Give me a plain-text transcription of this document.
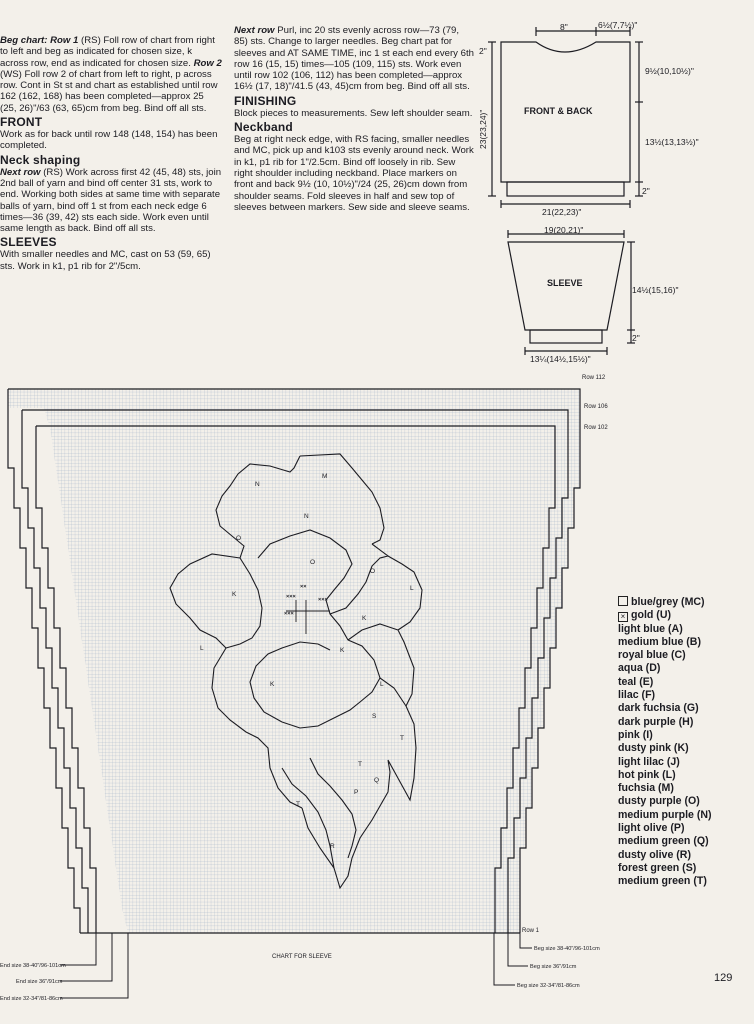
Beg chart: Row 1 (RS) Foll row of chart from right to left and beg as indicated for chosen size, k across row, end as indicated for chosen size. Row 2 (WS) Foll row 2 of chart from left to right, p across row. Cont in St st and chart as established until row 162 (162, 168) has been completed—approx 25 (25, 26)"/63 (63, 65)cm from beg. Bind off all sts.

FRONT

Work as for back until row 148 (148, 154) has been completed.

Neck shaping

Next row (RS) Work across first 42 (45, 48) sts, join 2nd ball of yarn and bind off center 31 sts, work to end. Working both sides at same time with separate balls of yarn, bind off 1 st from each neck edge 6 times—36 (39, 42) sts each side. Work even until same length as back. Bind off all sts.

SLEEVES

With smaller needles and MC, cast on 53 (59, 65) sts. Work in k1, p1 rib for 2"/5cm.

Next row Purl, inc 20 sts evenly across row—73 (79, 85) sts. Change to larger needles. Beg chart pat for sleeves and AT SAME TIME, inc 1 st each end every 6th row 16 (15, 15) times—105 (109, 115) sts. Work even until row 102 (106, 112) has been completed—approx 16½ (17, 18)"/41.5 (43, 45)cm from beg. Bind off all sts.

FINISHING

Block pieces to measurements. Sew left shoulder seam.

Neckband

Beg at right neck edge, with RS facing, smaller needles and MC, pick up and k103 sts evenly around neck. Work in k1, p1 rib for 1"/2.5cm. Bind off loosely in rib. Sew right shoulder including neckband. Place markers on front and back 9½ (10, 10½)"/24 (25, 26)cm down from shoulder seams. Fold sleeves in half and sew top of sleeves between markers. Sew side and sleeve seams.

8"	6½(7,7½)"
2"
23(23,24)"
9½(10,10½)"
13½(13,13½)"
2"
21(22,23)"
19(20,21)"
14½(15,16)"
2"
13¼(14½,15½)"
FRONT & BACK
SLEEVE
M
N
N
O
O
O
K
L
K
L
K
K
L
S
T
T
Q
T
P
R
×××
×××
×××
××
Row 112
Row 106
Row 102
Row 1
CHART FOR SLEEVE
End size 38-40"/96-101cm
End size 36"/91cm
End size 32-34"/81-86cm
Beg size 38-40"/96-101cm
Beg size 36"/91cm
Beg size 32-34"/81-86cm
blue/grey (MC)
× gold (U)
light blue (A)
medium blue (B)
royal blue (C)
aqua (D)
teal (E)
lilac (F)
dark fuchsia (G)
dark purple (H)
pink (I)
dusty pink (K)
light lilac (J)
hot pink (L)
fuchsia (M)
dusty purple (O)
medium purple (N)
light olive (P)
medium green (Q)
dusty olive (R)
forest green (S)
medium green (T)
129
